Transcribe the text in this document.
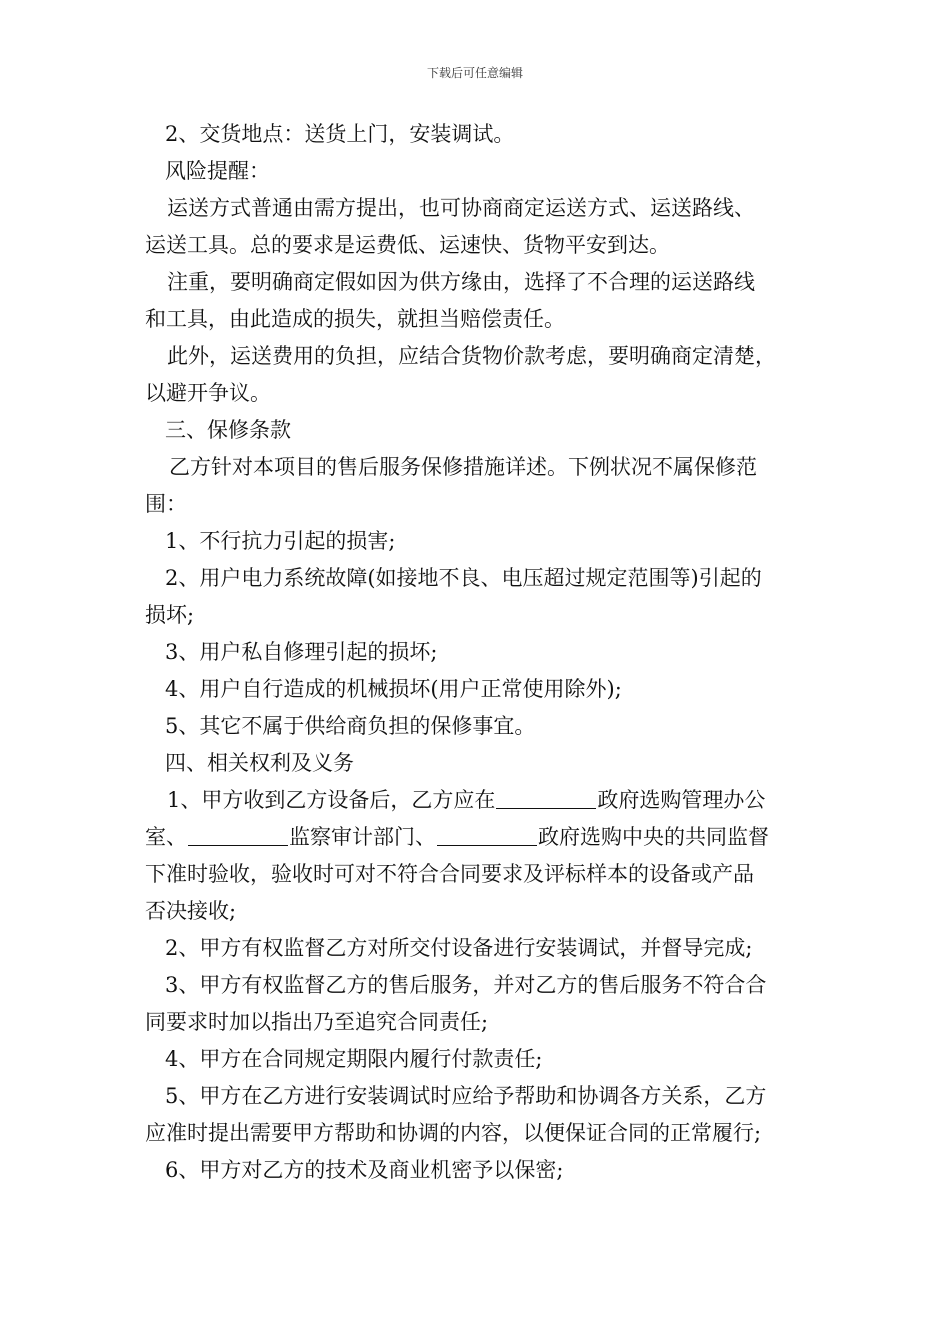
下载后可任意编辑
2、交货地点：送货上门，安装调试。
风险提醒：
运送方式普通由需方提出，也可协商商定运送方式、运送路线、
运送工具。总的要求是运费低、运速快、货物平安到达。
注重，要明确商定假如因为供方缘由，选择了不合理的运送路线
和工具，由此造成的损失，就担当赔偿责任。
此外，运送费用的负担，应结合货物价款考虑，要明确商定清楚，
以避开争议。
三、保修条款
乙方针对本项目的售后服务保修措施详述。下例状况不属保修范
围：
1、不行抗力引起的损害;
2、用户电力系统故障(如接地不良、电压超过规定范围等)引起的
损坏;
3、用户私自修理引起的损坏;
4、用户自行造成的机械损坏(用户正常使用除外);
5、其它不属于供给商负担的保修事宜。
四、相关权利及义务
1、甲方收到乙方设备后，乙方应在	政府选购管理办公
室、	监察审计部门、	政府选购中央的共同监督
下准时验收，验收时可对不符合合同要求及评标样本的设备或产品
否决接收;
2、甲方有权监督乙方对所交付设备进行安装调试，并督导完成;
3、甲方有权监督乙方的售后服务，并对乙方的售后服务不符合合
同要求时加以指出乃至追究合同责任;
4、甲方在合同规定期限内履行付款责任;
5、甲方在乙方进行安装调试时应给予帮助和协调各方关系，乙方
应准时提出需要甲方帮助和协调的内容，以便保证合同的正常履行;
6、甲方对乙方的技术及商业机密予以保密;
